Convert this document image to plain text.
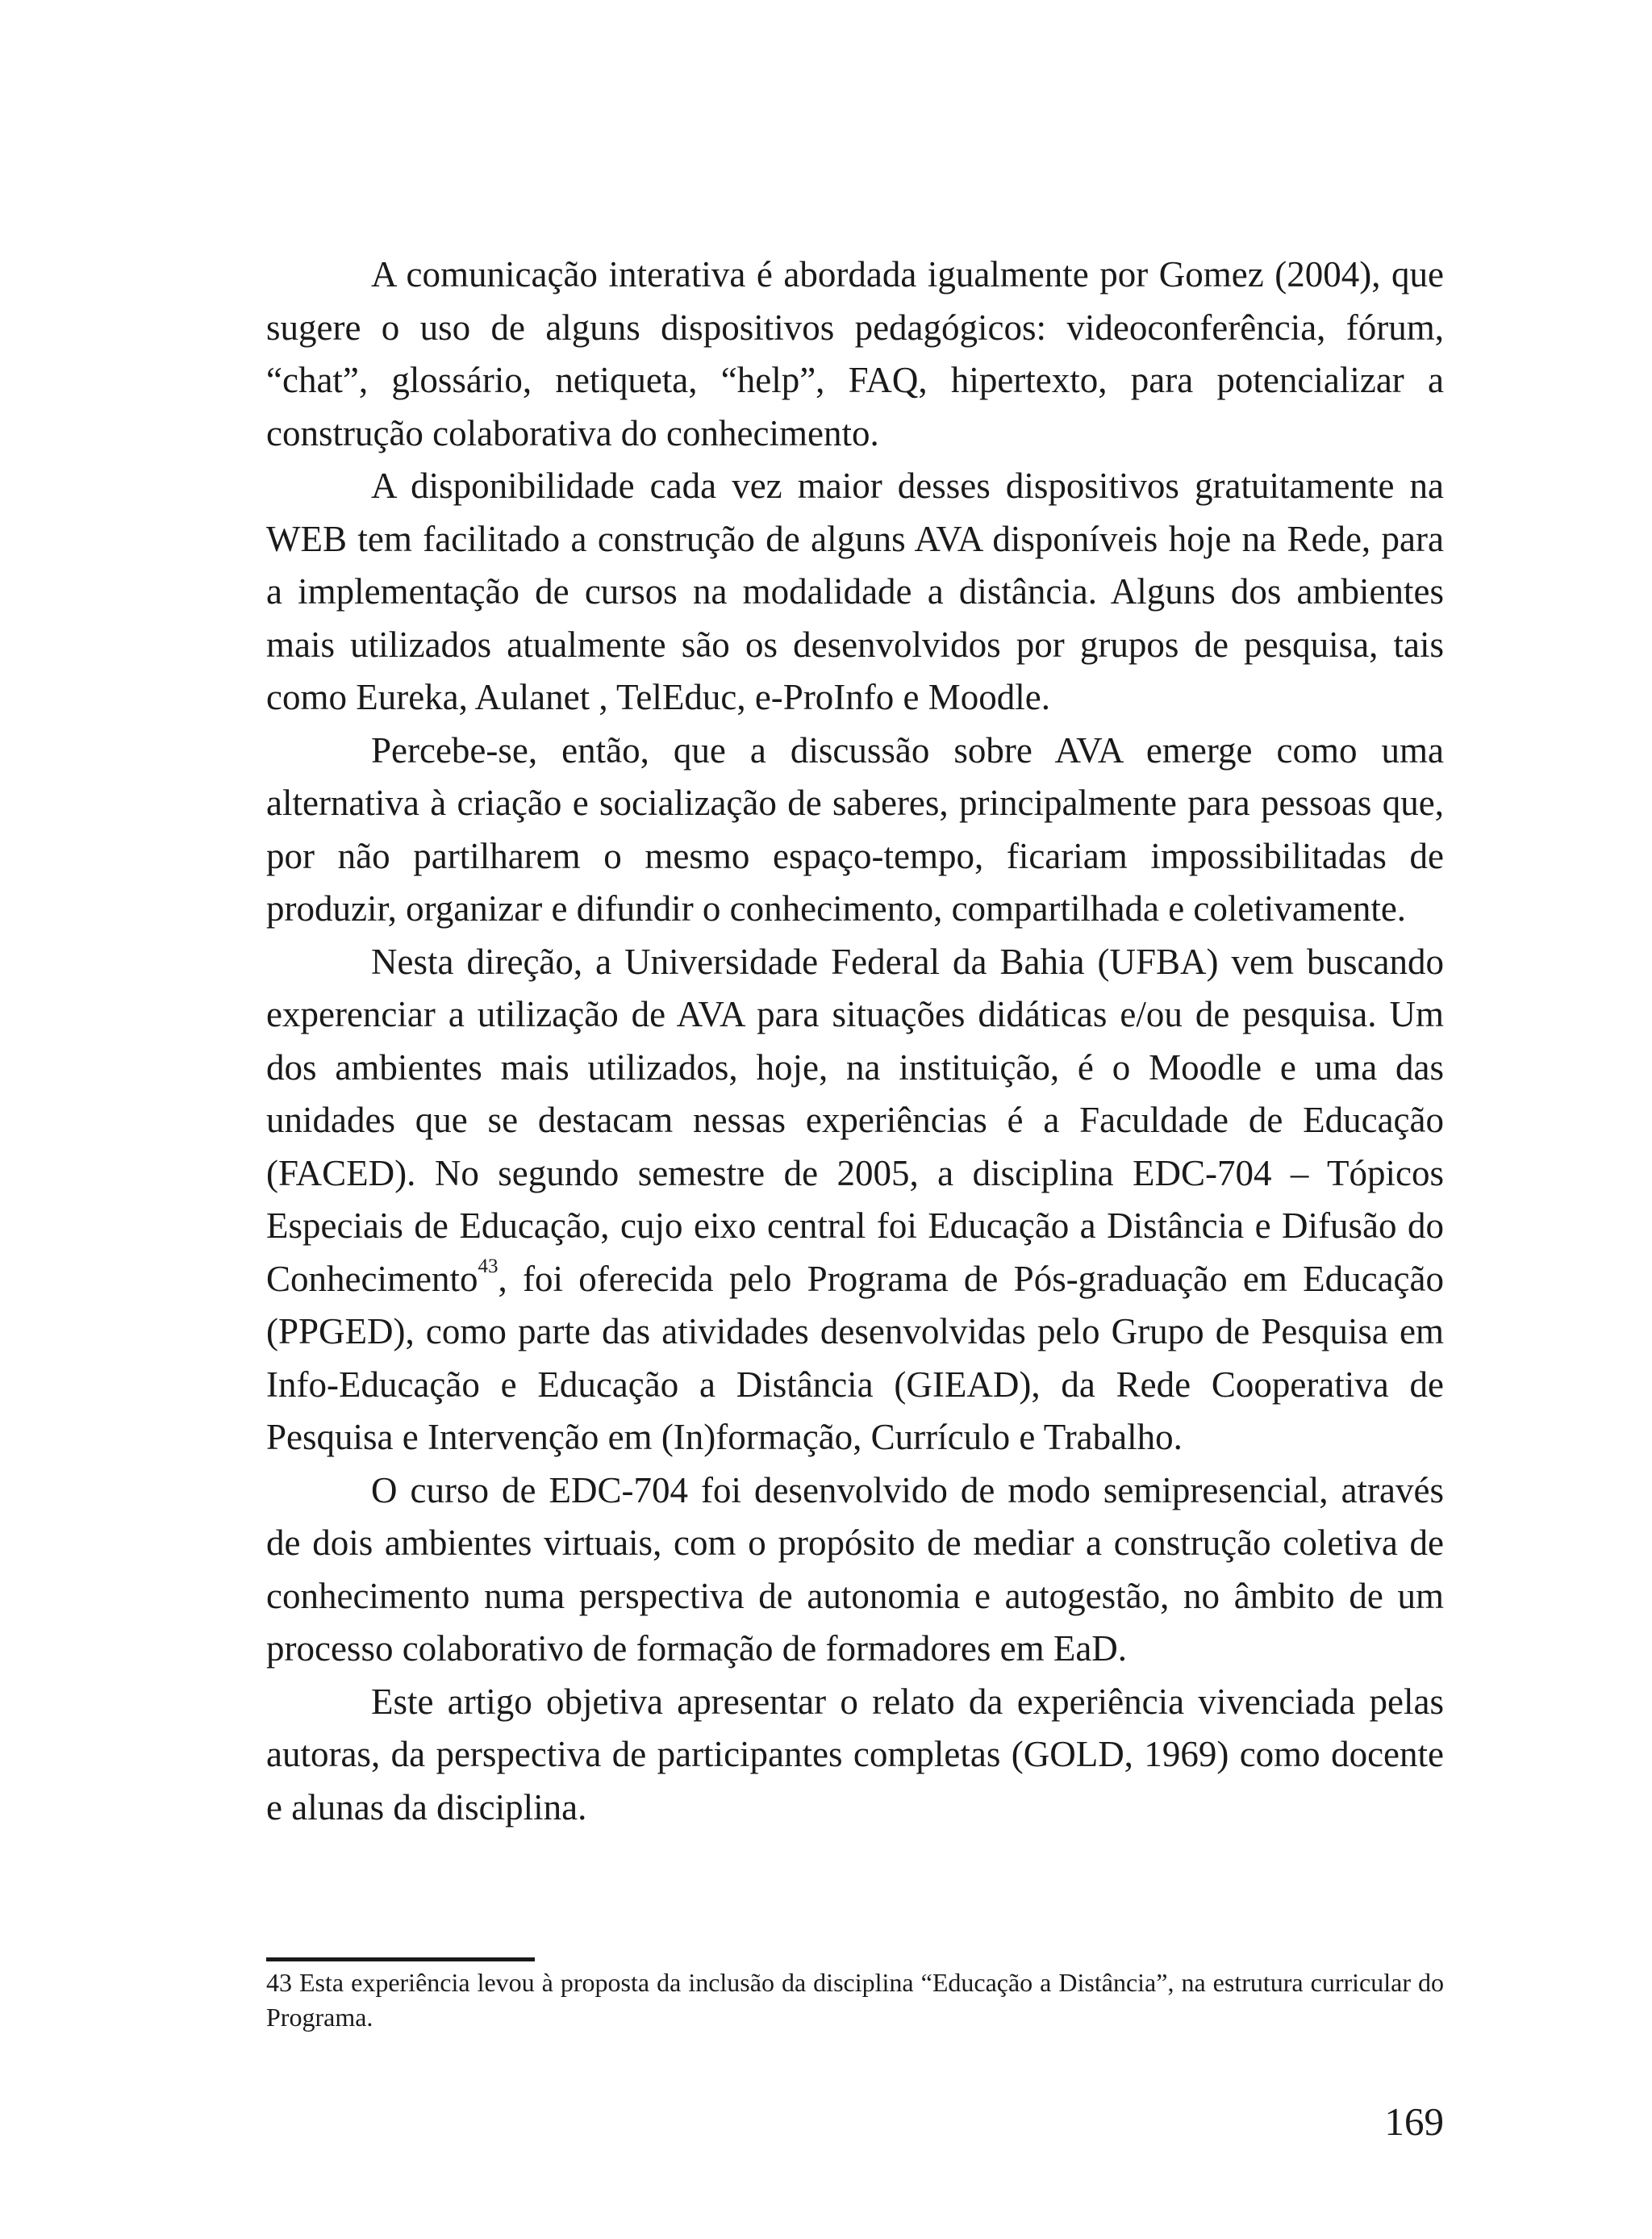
A comunicação interativa é abordada igualmente por Gomez (2004), que sugere o uso de alguns dispositivos pedagógicos: videoconferência, fórum, “chat”, glossário, netiqueta, “help”, FAQ, hipertexto, para potencializar a construção colaborativa do conhecimento.

A disponibilidade cada vez maior desses dispositivos gratuitamente na WEB tem facilitado a construção de alguns AVA disponíveis hoje na Rede, para a implementação de cursos na modalidade a distância. Alguns dos ambientes mais utilizados atualmente são os desenvolvidos por grupos de pesquisa, tais como Eureka, Aulanet , TelEduc, e-ProInfo e Moodle.

Percebe-se, então, que a discussão sobre AVA emerge como uma alternativa à criação e socialização de saberes, principalmente para pessoas que, por não partilharem o mesmo espaço-tempo, ficariam impossibilitadas de produzir, organizar e difundir o conhecimento, compartilhada e coletivamente.

Nesta direção, a Universidade Federal da Bahia (UFBA) vem buscando experenciar a utilização de AVA para situações didáticas e/ou de pesquisa. Um dos ambientes mais utilizados, hoje, na instituição, é o Moodle e uma das unidades que se destacam nessas experiências é a Faculdade de Educação (FACED). No segundo semestre de 2005, a disciplina EDC-704 – Tópicos Especiais de Educação, cujo eixo central foi Educação a Distância e Difusão do Conhecimento$^{43}$, foi oferecida pelo Programa de Pós-graduação em Educação (PPGED), como parte das atividades desenvolvidas pelo Grupo de Pesquisa em Info-Educação e Educação a Distância (GIEAD), da Rede Cooperativa de Pesquisa e Intervenção em (In)formação, Currículo e Trabalho.

O curso de EDC-704 foi desenvolvido de modo semipresencial, através de dois ambientes virtuais, com o propósito de mediar a construção coletiva de conhecimento numa perspectiva de autonomia e autogestão, no âmbito de um processo colaborativo de formação de formadores em EaD.

Este artigo objetiva apresentar o relato da experiência vivenciada pelas autoras, da perspectiva de participantes completas (GOLD, 1969) como docente e alunas da disciplina.

43 Esta experiência levou à proposta da inclusão da disciplina “Educação a Distância”, na estrutura curricular do Programa.

169
